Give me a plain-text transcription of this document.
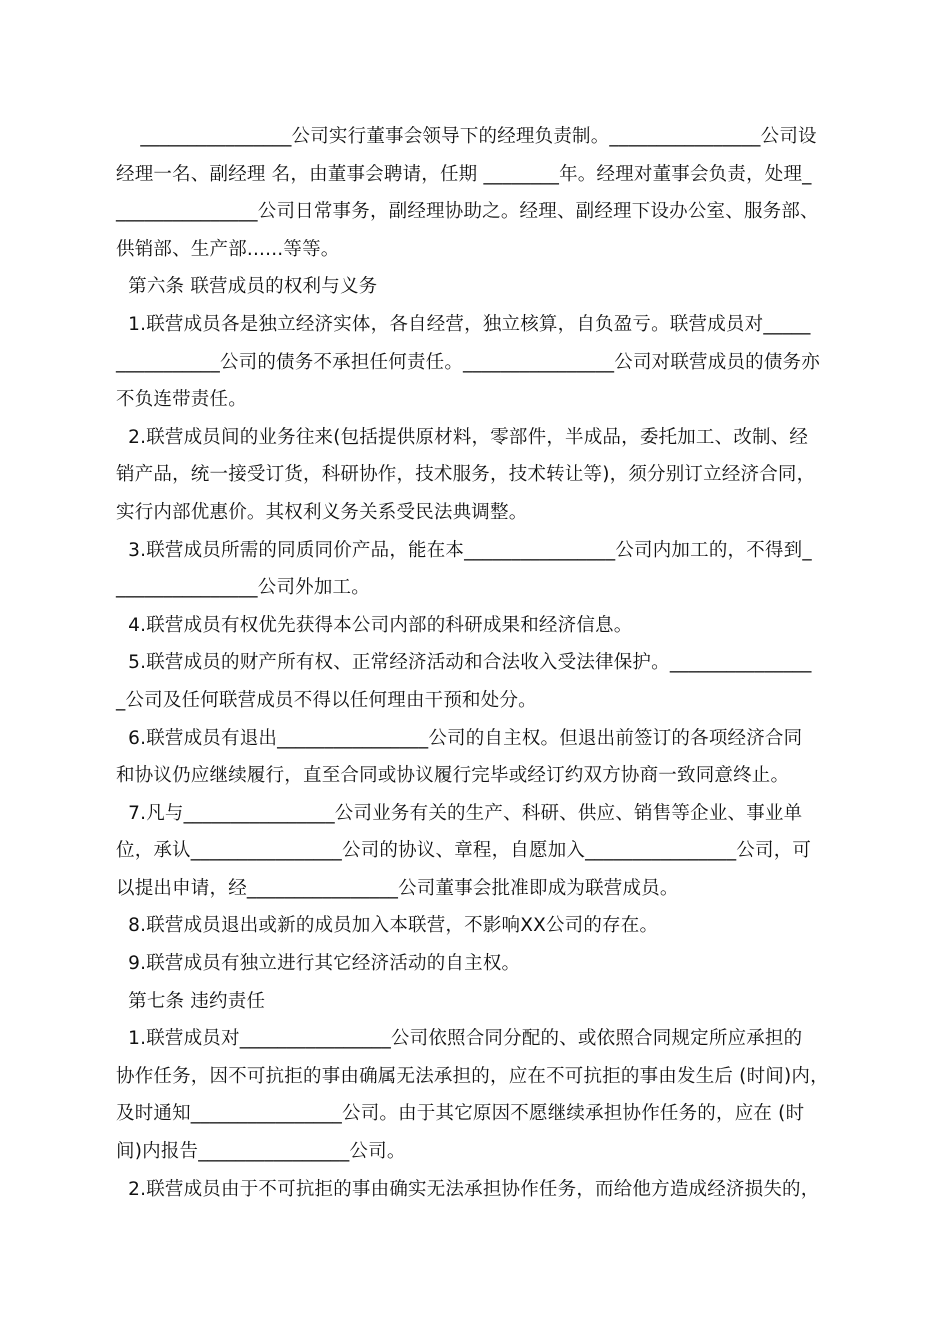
________________公司实行董事会领导下的经理负责制。________________公司设
经理一名、副经理 名，由董事会聘请，任期 ________年。经理对董事会负责，处理_
_______________公司日常事务，副经理协助之。经理、副经理下设办公室、服务部、
供销部、生产部......等等。
第六条 联营成员的权利与义务
1.联营成员各是独立经济实体，各自经营，独立核算，自负盈亏。联营成员对_____
___________公司的债务不承担任何责任。________________公司对联营成员的债务亦
不负连带责任。
2.联营成员间的业务往来(包括提供原材料，零部件，半成品，委托加工、改制、经
销产品，统一接受订货，科研协作，技术服务，技术转让等)，须分别订立经济合同，
实行内部优惠价。其权利义务关系受民法典调整。
3.联营成员所需的同质同价产品，能在本________________公司内加工的，不得到_
_______________公司外加工。
4.联营成员有权优先获得本公司内部的科研成果和经济信息。
5.联营成员的财产所有权、正常经济活动和合法收入受法律保护。_______________
_公司及任何联营成员不得以任何理由干预和处分。
6.联营成员有退出________________公司的自主权。但退出前签订的各项经济合同
和协议仍应继续履行，直至合同或协议履行完毕或经订约双方协商一致同意终止。
7.凡与________________公司业务有关的生产、科研、供应、销售等企业、事业单
位，承认________________公司的协议、章程，自愿加入________________公司，可
以提出申请，经________________公司董事会批准即成为联营成员。
8.联营成员退出或新的成员加入本联营，不影响XX公司的存在。
9.联营成员有独立进行其它经济活动的自主权。
第七条 违约责任
1.联营成员对________________公司依照合同分配的、或依照合同规定所应承担的
协作任务，因不可抗拒的事由确属无法承担的，应在不可抗拒的事由发生后 (时间)内，
及时通知________________公司。由于其它原因不愿继续承担协作任务的，应在 (时
间)内报告________________公司。
2.联营成员由于不可抗拒的事由确实无法承担协作任务，而给他方造成经济损失的，
